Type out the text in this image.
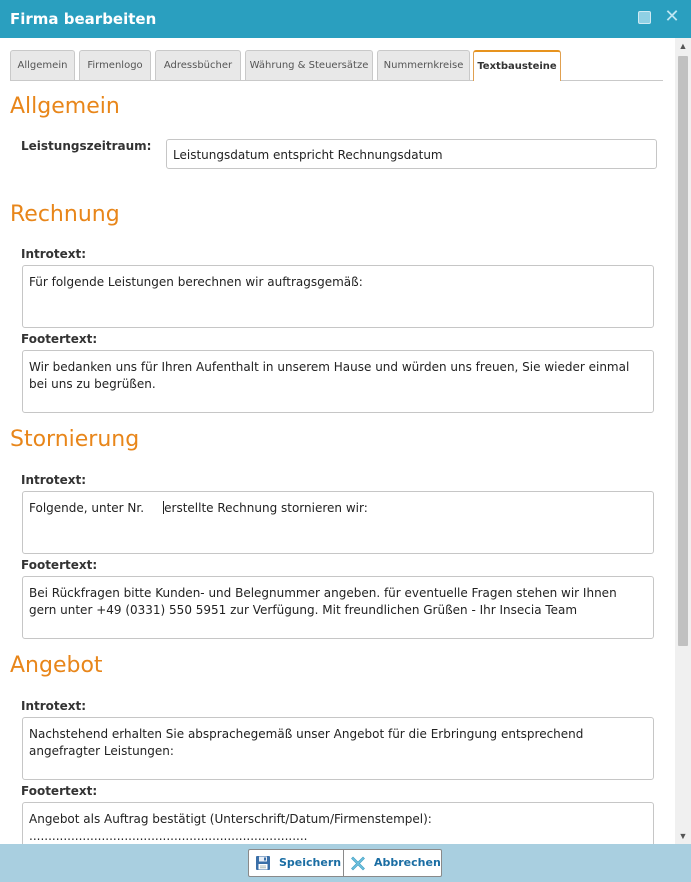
Firma bearbeiten	✕
Allgemein	Firmenlogo	Adressbücher	Währung & Steuersätze	Nummernkreise	Textbausteine
Allgemein
Leistungszeitraum:
Leistungsdatum entspricht Rechnungsdatum
Rechnung
Introtext:
Für folgende Leistungen berechnen wir auftragsgemäß:
Footertext:
Wir bedanken uns für Ihren Aufenthalt in unserem Hause und würden uns freuen, Sie wieder einmal bei uns zu begrüßen.
Stornierung
Introtext:
Folgende, unter Nr. erstellte Rechnung stornieren wir:
Footertext:
Bei Rückfragen bitte Kunden- und Belegnummer angeben. für eventuelle Fragen stehen wir Ihnen gern unter +49 (0331) 550 5951 zur Verfügung. Mit freundlichen Grüßen - Ihr Insecia Team
Angebot
Introtext:
Nachstehend erhalten Sie absprachegemäß unser Angebot für die Erbringung entsprechend angefragter Leistungen:
Footertext:
Angebot als Auftrag bestätigt (Unterschrift/Datum/Firmenstempel): .........................................................................
▲
▼
Speichern	Abbrechen
